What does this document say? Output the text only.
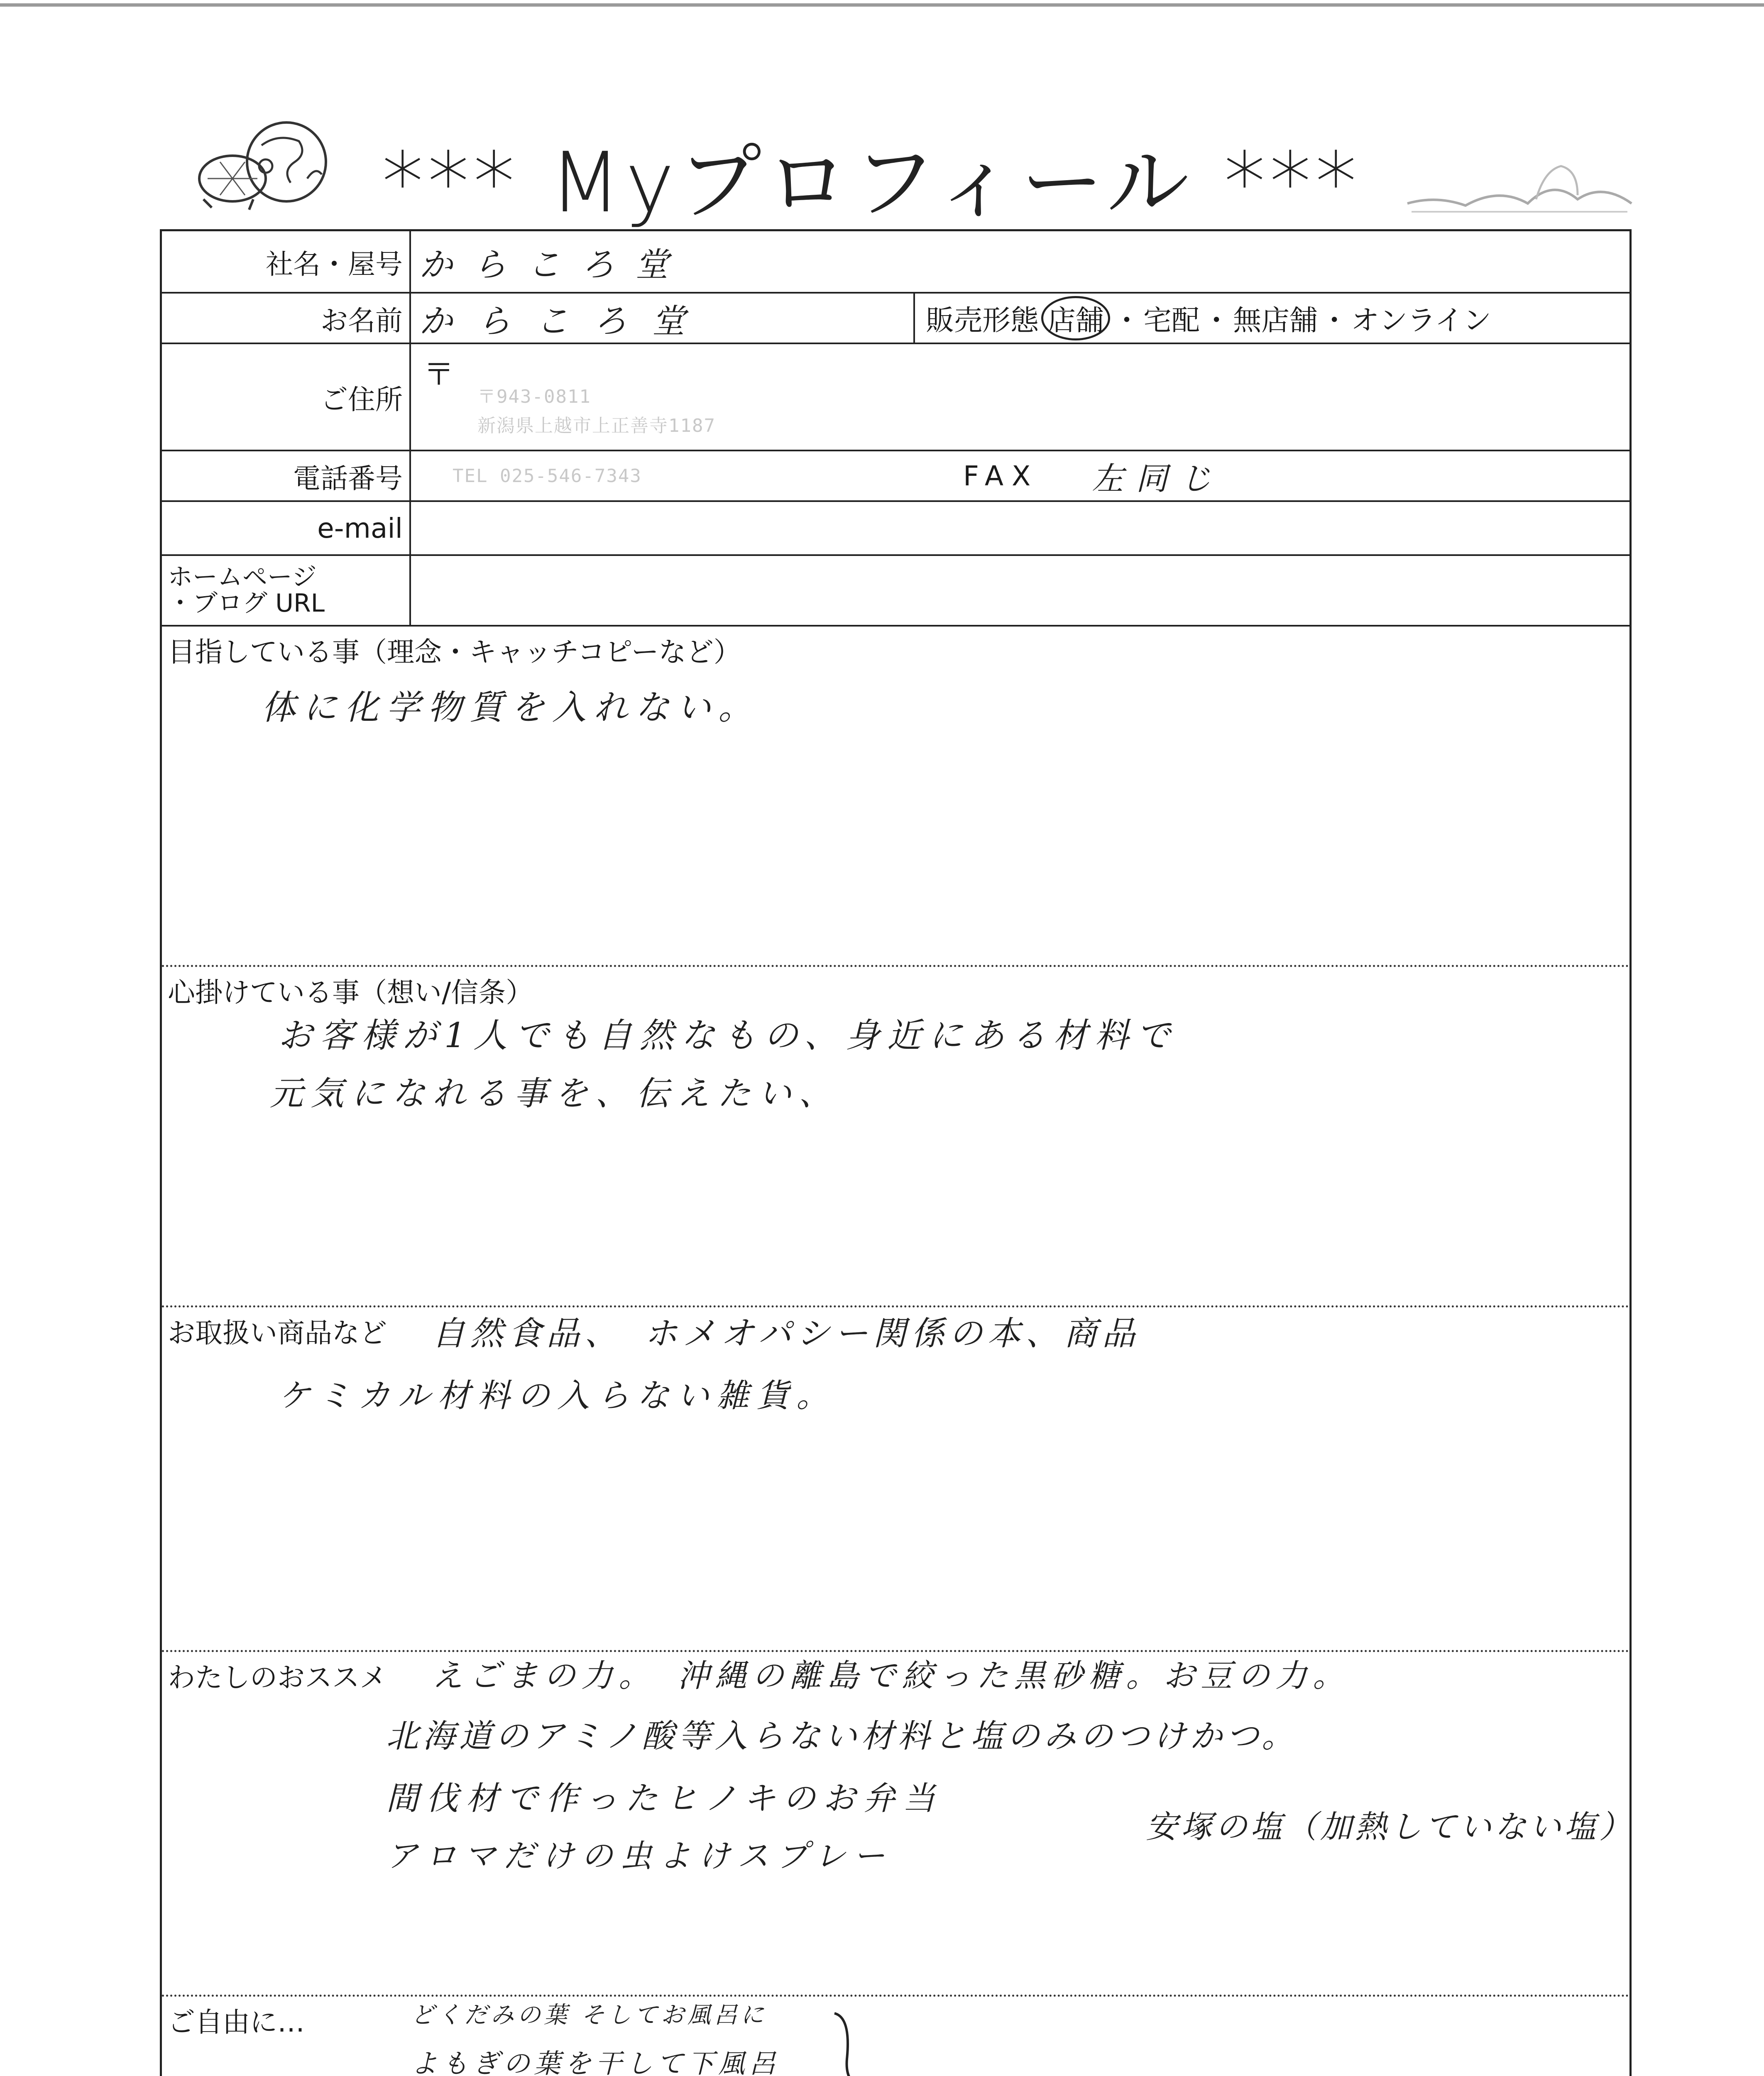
*** Myプロフィール ***
社名・屋号 からころ堂
お名前 からころ堂	販売形態 店舗 ・ 宅配 ・ 無店舗 ・ オンライン
ご住所
〒
〒943-0811
新潟県上越市上正善寺1187
電話番号	TEL 025-546-7343	FAX 左同じ
e-mail
ホームページ
・ブログ URL
目指している事（理念・キャッチコピーなど）
体に化学物質を入れない。
心掛けている事（想い/信条）
お客様が1人でも自然なもの、身近にある材料で
元気になれる事を、伝えたい、
お取扱い商品など 自然食品、　ホメオパシー関係の本、商品
ケミカル材料の入らない雑貨。
わたしのおススメ えごまの力。　沖縄の離島で絞った黒砂糖。お豆の力。
北海道のアミノ酸等入らない材料と塩のみのつけかつ。
間伐材で作ったヒノキのお弁当
アロマだけの虫よけスプレー
安塚の塩（加熱していない塩）
ご自由に…	どくだみの葉 そしてお風呂に
よもぎの葉を干して下風呂
